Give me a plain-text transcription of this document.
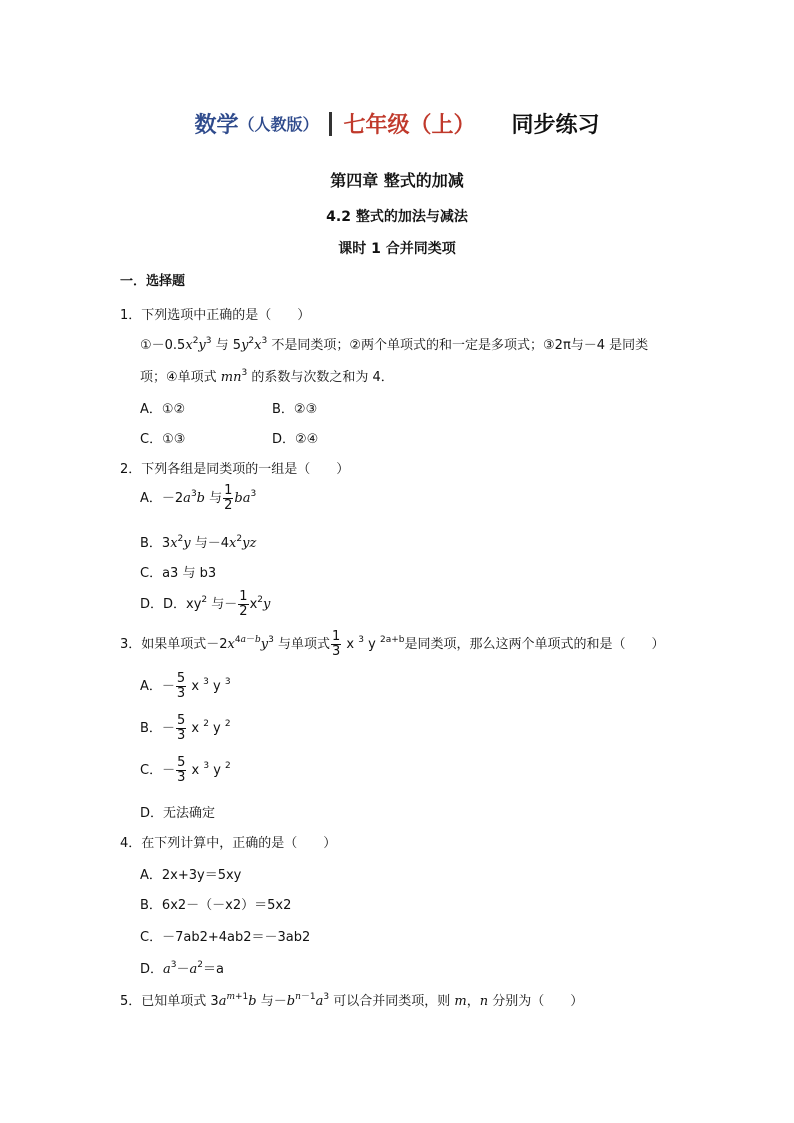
数学（人教版） 七年级（上） 同步练习
第四章 整式的加减
4.2 整式的加法与减法
课时 1 合并同类项
一．选择题
1．下列选项中正确的是（　　）
$①-0.5x^2y^3$ 与 $5y^2x^3$ 不是同类项；②两个单项式的和一定是多项式；③2π与－4 是同类
项；④单项式 $mn^3$ 的系数与次数之和为 4．
A．①②	B．②③
C．①③	D．②④
2．下列各组是同类项的一组是（　　）
A．$-2a^3b$ 与 $\frac{1}{2} ba^3$
B．$3x^2y$ 与$-4x^2yz$
C．a3 与 b3
D．D．$xy^2$ 与－ $\frac{1}{2} x^2y$
3．如果单项式$-2x^{4a-b}y^3$ 与单项式 $\frac{1}{3}$ x $^3$ y $^{2a+b}$是同类项，那么这两个单项式的和是（　　）
A．－ $\frac{5}{3}$ x $^3$ y $^3$
B．－ $\frac{5}{3}$ x $^2$ y $^2$
C．－ $\frac{5}{3}$ x $^3$ y $^2$
D．无法确定
4．在下列计算中，正确的是（　　）
A．2x+3y＝5xy
B．6x2－（－x2）＝5x2
C．－7ab2+4ab2＝－3ab2
D．$a^3-a^2=a$
5．已知单项式 $3a^{m+1}b$ 与$-b^{n-1}a^3$ 可以合并同类项，则 m，n 分别为（　　）
